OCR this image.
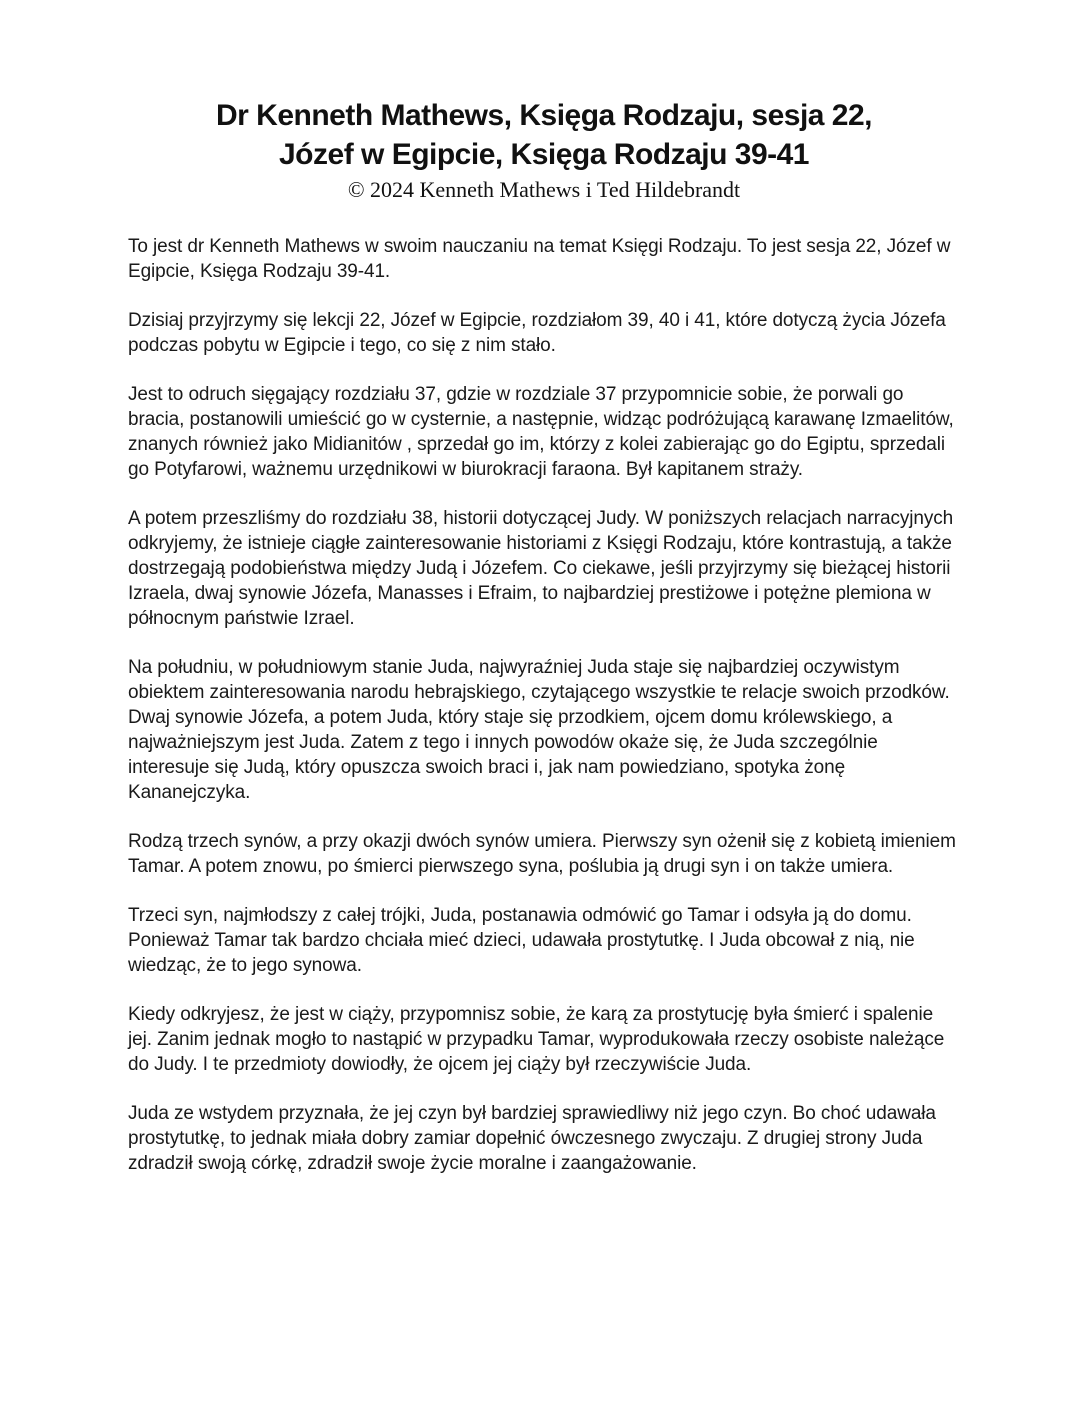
Dr Kenneth Mathews, Księga Rodzaju, sesja 22,
Józef w Egipcie, Księga Rodzaju 39-41
© 2024 Kenneth Mathews i Ted Hildebrandt

To jest dr Kenneth Mathews w swoim nauczaniu na temat Księgi Rodzaju. To jest sesja 22, Józef w Egipcie, Księga Rodzaju 39-41.

Dzisiaj przyjrzymy się lekcji 22, Józef w Egipcie, rozdziałom 39, 40 i 41, które dotyczą życia Józefa podczas pobytu w Egipcie i tego, co się z nim stało.

Jest to odruch sięgający rozdziału 37, gdzie w rozdziale 37 przypomnicie sobie, że porwali go bracia, postanowili umieścić go w cysternie, a następnie, widząc podróżującą karawanę Izmaelitów, znanych również jako Midianitów , sprzedał go im, którzy z kolei zabierając go do Egiptu, sprzedali go Potyfarowi, ważnemu urzędnikowi w biurokracji faraona. Był kapitanem straży.

A potem przeszliśmy do rozdziału 38, historii dotyczącej Judy. W poniższych relacjach narracyjnych odkryjemy, że istnieje ciągłe zainteresowanie historiami z Księgi Rodzaju, które kontrastują, a także dostrzegają podobieństwa między Judą i Józefem. Co ciekawe, jeśli przyjrzymy się bieżącej historii Izraela, dwaj synowie Józefa, Manasses i Efraim, to najbardziej prestiżowe i potężne plemiona w północnym państwie Izrael.

Na południu, w południowym stanie Juda, najwyraźniej Juda staje się najbardziej oczywistym obiektem zainteresowania narodu hebrajskiego, czytającego wszystkie te relacje swoich przodków. Dwaj synowie Józefa, a potem Juda, który staje się przodkiem, ojcem domu królewskiego, a najważniejszym jest Juda. Zatem z tego i innych powodów okaże się, że Juda szczególnie interesuje się Judą, który opuszcza swoich braci i, jak nam powiedziano, spotyka żonę Kananejczyka.

Rodzą trzech synów, a przy okazji dwóch synów umiera. Pierwszy syn ożenił się z kobietą imieniem Tamar. A potem znowu, po śmierci pierwszego syna, poślubia ją drugi syn i on także umiera.

Trzeci syn, najmłodszy z całej trójki, Juda, postanawia odmówić go Tamar i odsyła ją do domu. Ponieważ Tamar tak bardzo chciała mieć dzieci, udawała prostytutkę. I Juda obcował z nią, nie wiedząc, że to jego synowa.

Kiedy odkryjesz, że jest w ciąży, przypomnisz sobie, że karą za prostytucję była śmierć i spalenie jej. Zanim jednak mogło to nastąpić w przypadku Tamar, wyprodukowała rzeczy osobiste należące do Judy. I te przedmioty dowiodły, że ojcem jej ciąży był rzeczywiście Juda.

Juda ze wstydem przyznała, że jej czyn był bardziej sprawiedliwy niż jego czyn. Bo choć udawała prostytutkę, to jednak miała dobry zamiar dopełnić ówczesnego zwyczaju. Z drugiej strony Juda zdradził swoją córkę, zdradził swoje życie moralne i zaangażowanie.
